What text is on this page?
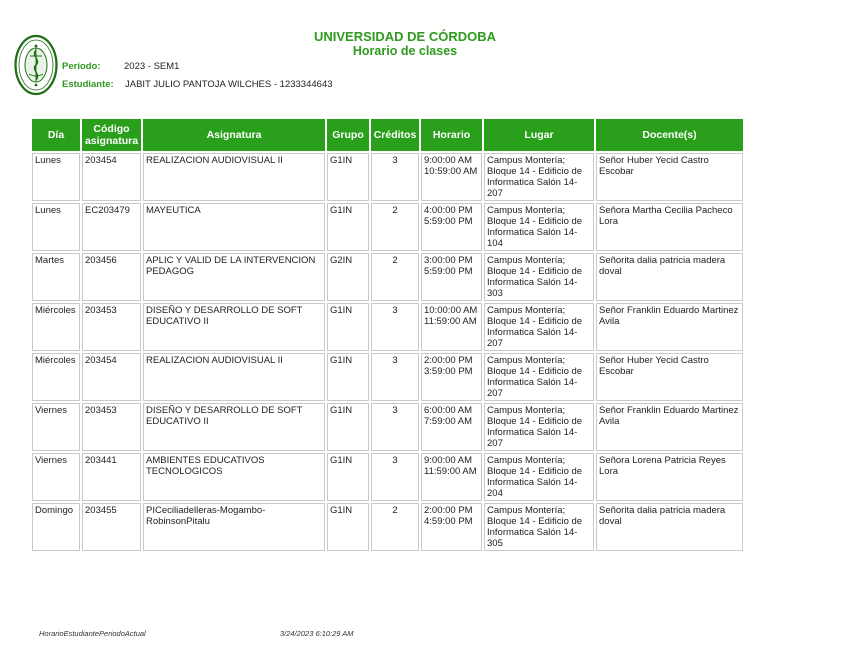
UNIVERSIDAD DE CÓRDOBA
Horario de clases
Periodo: 2023 - SEM1
Estudiante: JABIT JULIO PANTOJA WILCHES - 1233344643
Día	Código asignatura	Asignatura	Grupo	Créditos	Horario	Lugar	Docente(s)
Lunes	203454	REALIZACION AUDIOVISUAL II	G1IN	3	9:00:00 AM
10:59:00 AM	Campus Montería;
Bloque 14 - Edificio de
Informatica Salón 14-207	Señor Huber Yecid Castro
Escobar
Lunes	EC203479	MAYEUTICA	G1IN	2	4:00:00 PM
5:59:00 PM	Campus Montería;
Bloque 14 - Edificio de
Informatica Salón 14-104	Señora Martha Cecilia Pacheco
Lora
Martes	203456	APLIC Y VALID DE LA INTERVENCION
PEDAGOG	G2IN	2	3:00:00 PM
5:59:00 PM	Campus Montería;
Bloque 14 - Edificio de
Informatica Salón 14-303	Señorita dalia patricia madera
doval
Miércoles	203453	DISEÑO Y DESARROLLO DE SOFT
EDUCATIVO II	G1IN	3	10:00:00 AM
11:59:00 AM	Campus Montería;
Bloque 14 - Edificio de
Informatica Salón 14-207	Señor Franklin Eduardo Martinez
Avila
Miércoles	203454	REALIZACION AUDIOVISUAL II	G1IN	3	2:00:00 PM
3:59:00 PM	Campus Montería;
Bloque 14 - Edificio de
Informatica Salón 14-207	Señor Huber Yecid Castro
Escobar
Viernes	203453	DISEÑO Y DESARROLLO DE SOFT
EDUCATIVO II	G1IN	3	6:00:00 AM
7:59:00 AM	Campus Montería;
Bloque 14 - Edificio de
Informatica Salón 14-207	Señor Franklin Eduardo Martinez
Avila
Viernes	203441	AMBIENTES EDUCATIVOS
TECNOLOGICOS	G1IN	3	9:00:00 AM
11:59:00 AM	Campus Montería;
Bloque 14 - Edificio de
Informatica Salón 14-204	Señora Lorena Patricia Reyes
Lora
Domingo	203455	PICeciliadelleras-Mogambo-
RobinsonPitalu	G1IN	2	2:00:00 PM
4:59:00 PM	Campus Montería;
Bloque 14 - Edificio de
Informatica Salón 14-305	Señorita dalia patricia madera
doval
HorarioEstudiantePeriodoActual	3/24/2023 6:10:29 AM
